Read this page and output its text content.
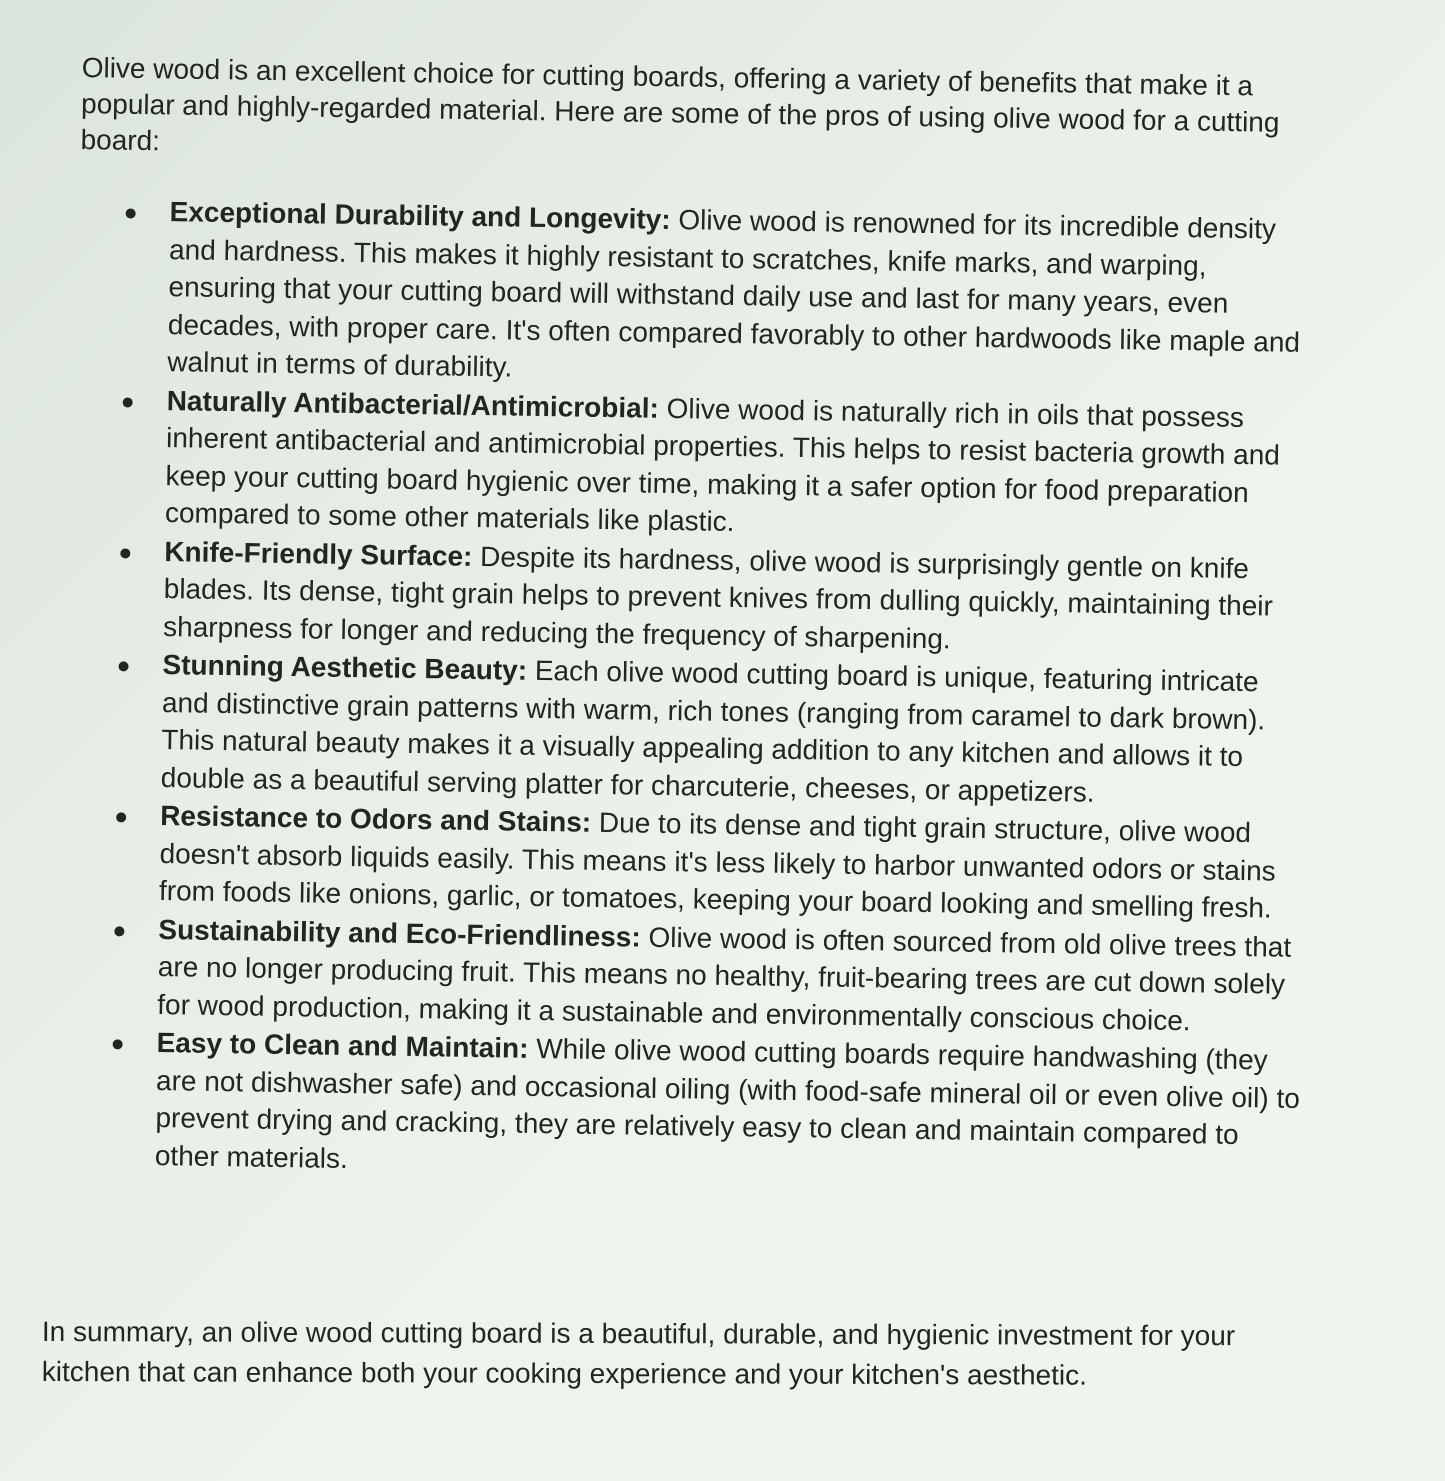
Olive wood is an excellent choice for cutting boards, offering a variety of benefits that make it a popular and highly-regarded material. Here are some of the pros of using olive wood for a cutting board:

Exceptional Durability and Longevity: Olive wood is renowned for its incredible density and hardness. This makes it highly resistant to scratches, knife marks, and warping, ensuring that your cutting board will withstand daily use and last for many years, even decades, with proper care. It's often compared favorably to other hardwoods like maple and walnut in terms of durability.
Naturally Antibacterial/Antimicrobial: Olive wood is naturally rich in oils that possess inherent antibacterial and antimicrobial properties. This helps to resist bacteria growth and keep your cutting board hygienic over time, making it a safer option for food preparation compared to some other materials like plastic.
Knife-Friendly Surface: Despite its hardness, olive wood is surprisingly gentle on knife blades. Its dense, tight grain helps to prevent knives from dulling quickly, maintaining their sharpness for longer and reducing the frequency of sharpening.
Stunning Aesthetic Beauty: Each olive wood cutting board is unique, featuring intricate and distinctive grain patterns with warm, rich tones (ranging from caramel to dark brown). This natural beauty makes it a visually appealing addition to any kitchen and allows it to double as a beautiful serving platter for charcuterie, cheeses, or appetizers.
Resistance to Odors and Stains: Due to its dense and tight grain structure, olive wood doesn't absorb liquids easily. This means it's less likely to harbor unwanted odors or stains from foods like onions, garlic, or tomatoes, keeping your board looking and smelling fresh.
Sustainability and Eco-Friendliness: Olive wood is often sourced from old olive trees that are no longer producing fruit. This means no healthy, fruit-bearing trees are cut down solely for wood production, making it a sustainable and environmentally conscious choice.
Easy to Clean and Maintain: While olive wood cutting boards require handwashing (they are not dishwasher safe) and occasional oiling (with food-safe mineral oil or even olive oil) to prevent drying and cracking, they are relatively easy to clean and maintain compared to other materials.

In summary, an olive wood cutting board is a beautiful, durable, and hygienic investment for your kitchen that can enhance both your cooking experience and your kitchen's aesthetic.
